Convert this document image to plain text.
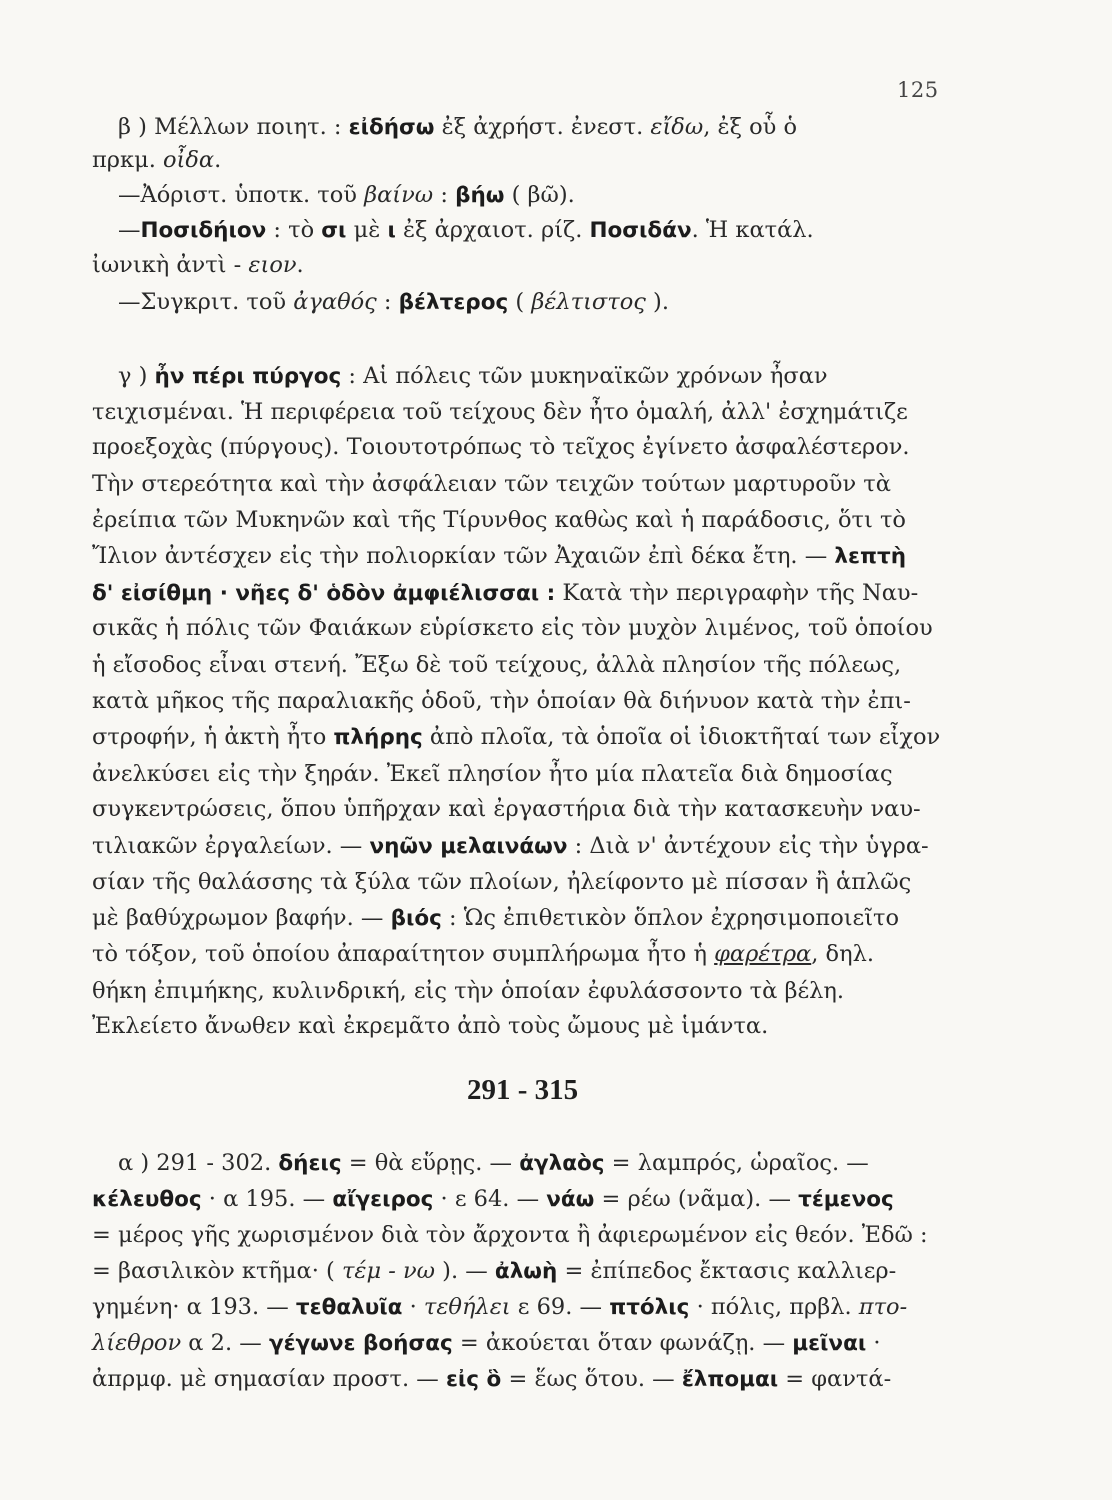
125
β ) Μέλλων ποιητ. : εἰδήσω ἐξ ἀχρήστ. ἐνεστ. εἴδω, ἐξ οὗ ὁ
πρκμ. οἶδα.
—Ἀόριστ. ὑποτκ. τοῦ βαίνω : βήω ( βῶ).
—Ποσιδήιον : τὸ σι μὲ ι ἐξ ἀρχαιοτ. ρίζ. Ποσιδάν. Ἡ κατάλ.
ἰωνικὴ ἀντὶ - ειον.
—Συγκριτ. τοῦ ἀγαθός : βέλτερος ( βέλτιστος ).
γ ) ἦν πέρι πύργος : Αἱ πόλεις τῶν μυκηναϊκῶν χρόνων ἦσαν
τειχισμέναι. Ἡ περιφέρεια τοῦ τείχους δὲν ἦτο ὁμαλή, ἀλλ' ἐσχημάτιζε
προεξοχὰς (πύργους). Τοιουτοτρόπως τὸ τεῖχος ἐγίνετο ἀσφαλέστερον.
Τὴν στερεότητα καὶ τὴν ἀσφάλειαν τῶν τειχῶν τούτων μαρτυροῦν τὰ
ἐρείπια τῶν Μυκηνῶν καὶ τῆς Τίρυνθος καθὼς καὶ ἡ παράδοσις, ὅτι τὸ
Ἴλιον ἀντέσχεν εἰς τὴν πολιορκίαν τῶν Ἀχαιῶν ἐπὶ δέκα ἔτη. — λεπτὴ
δ' εἰσίθμη · νῆες δ' ὁδὸν ἀμφιέλισσαι : Κατὰ τὴν περιγραφὴν τῆς Ναυ-
σικᾶς ἡ πόλις τῶν Φαιάκων εὑρίσκετο εἰς τὸν μυχὸν λιμένος, τοῦ ὁποίου
ἡ εἴσοδος εἶναι στενή. Ἔξω δὲ τοῦ τείχους, ἀλλὰ πλησίον τῆς πόλεως,
κατὰ μῆκος τῆς παραλιακῆς ὁδοῦ, τὴν ὁποίαν θὰ διήνυον κατὰ τὴν ἐπι-
στροφήν, ἡ ἀκτὴ ἦτο πλήρης ἀπὸ πλοῖα, τὰ ὁποῖα οἱ ἰδιοκτῆταί των εἶχον
ἀνελκύσει εἰς τὴν ξηράν. Ἐκεῖ πλησίον ἦτο μία πλατεῖα διὰ δημοσίας
συγκεντρώσεις, ὅπου ὑπῆρχαν καὶ ἐργαστήρια διὰ τὴν κατασκευὴν ναυ-
τιλιακῶν ἐργαλείων. — νηῶν μελαινάων : Διὰ ν' ἀντέχουν εἰς τὴν ὑγρα-
σίαν τῆς θαλάσσης τὰ ξύλα τῶν πλοίων, ἠλείφοντο μὲ πίσσαν ἢ ἁπλῶς
μὲ βαθύχρωμον βαφήν. — βιός : Ὡς ἐπιθετικὸν ὅπλον ἐχρησιμοποιεῖτο
τὸ τόξον, τοῦ ὁποίου ἀπαραίτητον συμπλήρωμα ἦτο ἡ φαρέτρα, δηλ.
θήκη ἐπιμήκης, κυλινδρική, εἰς τὴν ὁποίαν ἐφυλάσσοντο τὰ βέλη.
Ἐκλείετο ἄνωθεν καὶ ἐκρεμᾶτο ἀπὸ τοὺς ὤμους μὲ ἱμάντα.
291 - 315
α ) 291 - 302. δήεις = θὰ εὕρῃς. — ἀγλαὸς = λαμπρός, ὡραῖος. —
κέλευθος · α 195. — αἴγειρος · ε 64. — νάω = ρέω (νᾶμα). — τέμενος
= μέρος γῆς χωρισμένον διὰ τὸν ἄρχοντα ἢ ἀφιερωμένον εἰς θεόν. Ἐδῶ :
= βασιλικὸν κτῆμα· ( τέμ - νω ). — ἀλωὴ = ἐπίπεδος ἔκτασις καλλιερ-
γημένη· α 193. — τεθαλυῖα · τεθήλει ε 69. — πτόλις · πόλις, πρβλ. πτο-
λίεθρον α 2. — γέγωνε βοήσας = ἀκούεται ὅταν φωνάζῃ. — μεῖναι ·
ἀπρμφ. μὲ σημασίαν προστ. — εἰς ὃ = ἕως ὅτου. — ἔλπομαι = φαντά-
